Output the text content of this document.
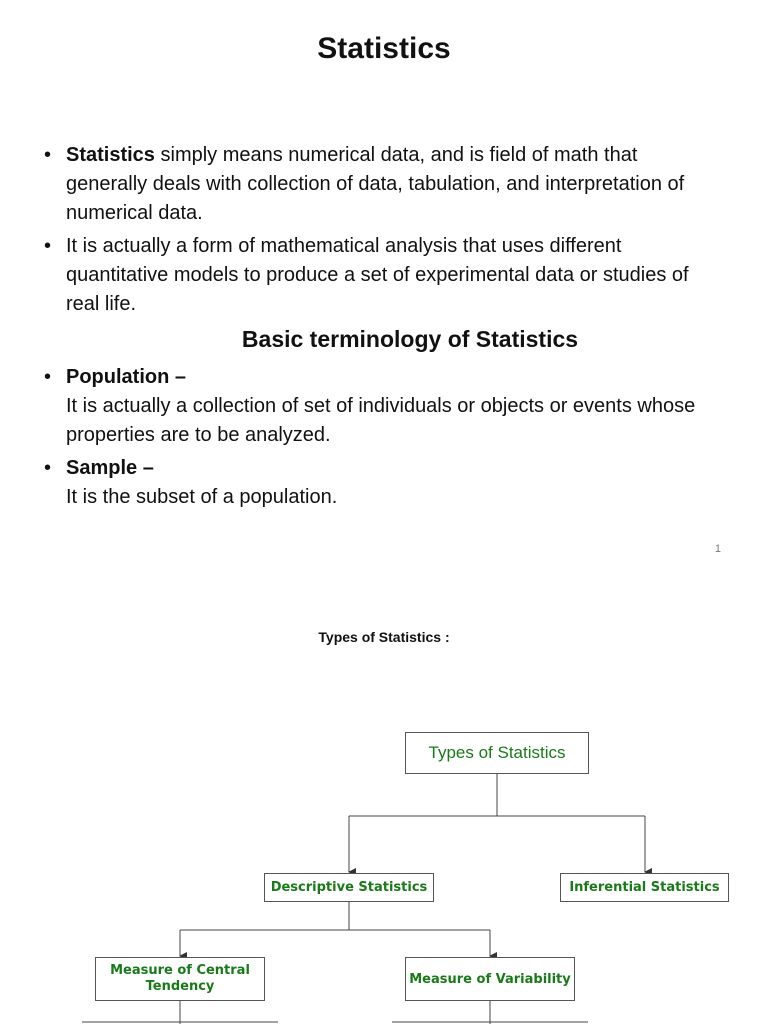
Statistics

• Statistics simply means numerical data, and is field of math that generally deals with collection of data, tabulation, and interpretation of numerical data.

• It is actually a form of mathematical analysis that uses different quantitative models to produce a set of experimental data or studies of real life.

Basic terminology of Statistics

• Population –
It is actually a collection of set of individuals or objects or events whose properties are to be analyzed.

• Sample –
It is the subset of a population.

1
Types of Statistics :
Types of Statistics
Descriptive Statistics	Inferential Statistics
Measure of Central Tendency	Measure of Variability
